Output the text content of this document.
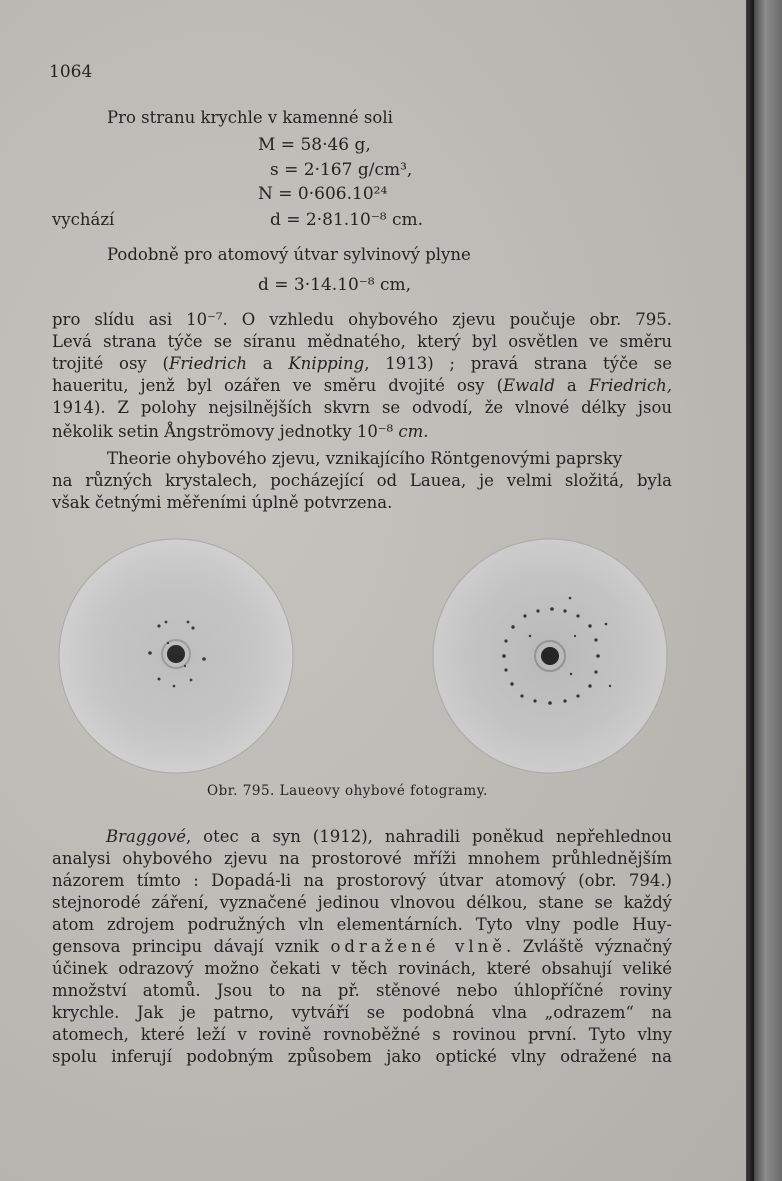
1064
Pro stranu krychle v kamenné soli
M = 58·46 g,
s = 2·167 g/cm³,
N = 0·606.10²⁴
vychází	d = 2·81.10⁻⁸ cm.
Podobně pro atomový útvar sylvinový plyne
d = 3·14.10⁻⁸ cm,
pro slídu asi 10⁻⁷. O vzhledu ohybového zjevu poučuje obr. 795.
Levá strana týče se síranu mědnatého, který byl osvětlen ve směru
trojité osy (Friedrich a Knipping, 1913) ; pravá strana týče se
haueritu, jenž byl ozářen ve směru dvojité osy (Ewald a Friedrich,
1914). Z polohy nejsilnějších skvrn se odvodí, že vlnové délky jsou
několik setin Ångströmovy jednotky 10⁻⁸ cm.
Theorie ohybového zjevu, vznikajícího Röntgenovými paprsky
na různých krystalech, pocházející od Lauea, je velmi složitá, byla
však četnými měřeními úplně potvrzena.
Obr. 795. Laueovy ohybové fotogramy.
Braggové, otec a syn (1912), nahradili poněkud nepřehlednou
analysi ohybového zjevu na prostorové mříži mnohem průhlednějším
názorem tímto : Dopadá-li na prostorový útvar atomový (obr. 794.)
stejnorodé záření, vyznačené jedinou vlnovou délkou, stane se každý
atom zdrojem podružných vln elementárních. Tyto vlny podle Huy-
gensova principu dávají vznik odražené vlně. Zvláště význačný
účinek odrazový možno čekati v těch rovinách, které obsahují veliké
množství atomů. Jsou to na př. stěnové nebo úhlopříčné roviny
krychle. Jak je patrno, vytváří se podobná vlna „odrazem“ na
atomech, které leží v rovině rovnoběžné s rovinou první. Tyto vlny
spolu inferují podobným způsobem jako optické vlny odražené na
